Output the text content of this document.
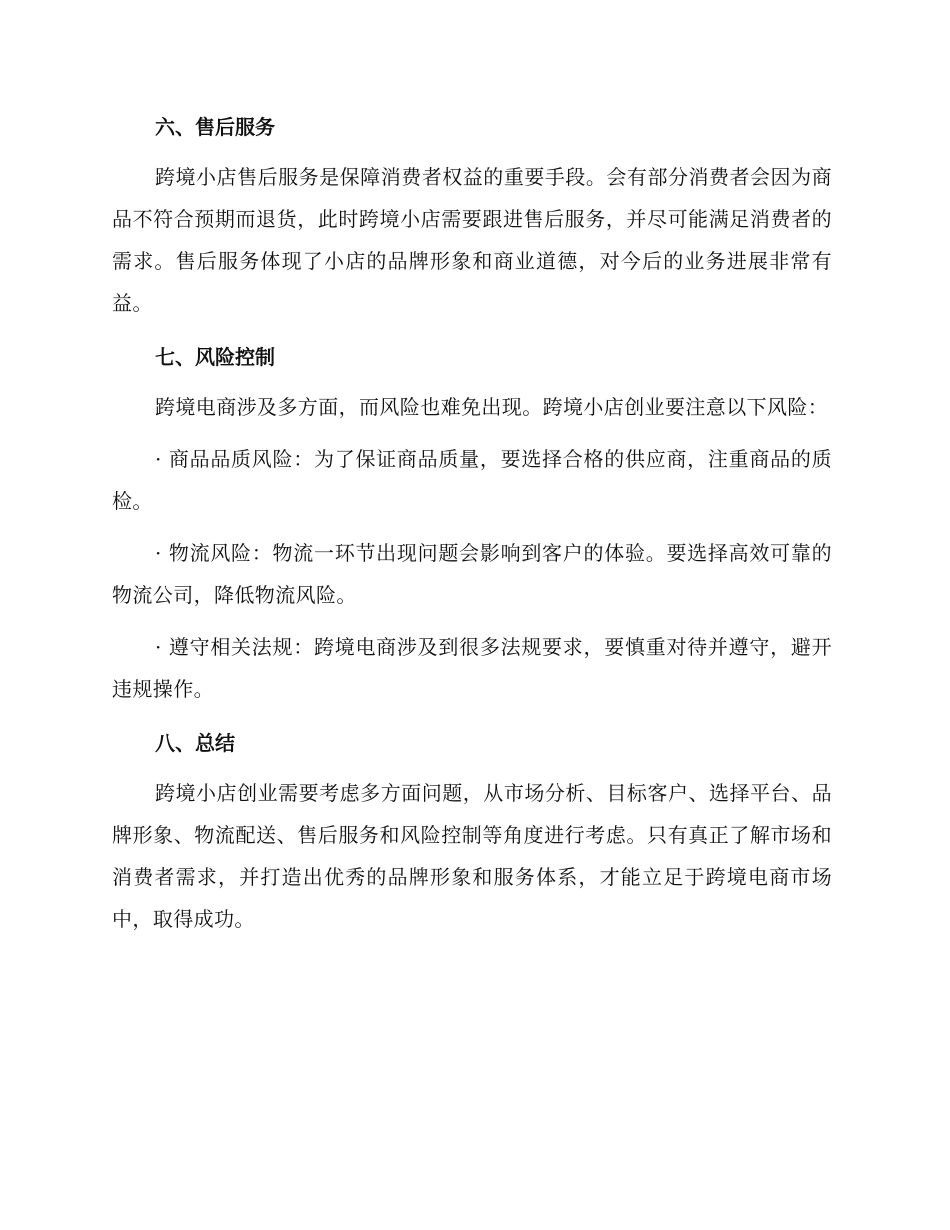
六、售后服务
跨境小店售后服务是保障消费者权益的重要手段。会有部分消费者会因为商品不符合预期而退货，此时跨境小店需要跟进售后服务，并尽可能满足消费者的需求。售后服务体现了小店的品牌形象和商业道德，对今后的业务进展非常有益。
七、风险控制
跨境电商涉及多方面，而风险也难免出现。跨境小店创业要注意以下风险：
· 商品品质风险：为了保证商品质量，要选择合格的供应商，注重商品的质检。
· 物流风险：物流一环节出现问题会影响到客户的体验。要选择高效可靠的物流公司，降低物流风险。
· 遵守相关法规：跨境电商涉及到很多法规要求，要慎重对待并遵守，避开违规操作。
八、总结
跨境小店创业需要考虑多方面问题，从市场分析、目标客户、选择平台、品牌形象、物流配送、售后服务和风险控制等角度进行考虑。只有真正了解市场和消费者需求，并打造出优秀的品牌形象和服务体系，才能立足于跨境电商市场中，取得成功。
